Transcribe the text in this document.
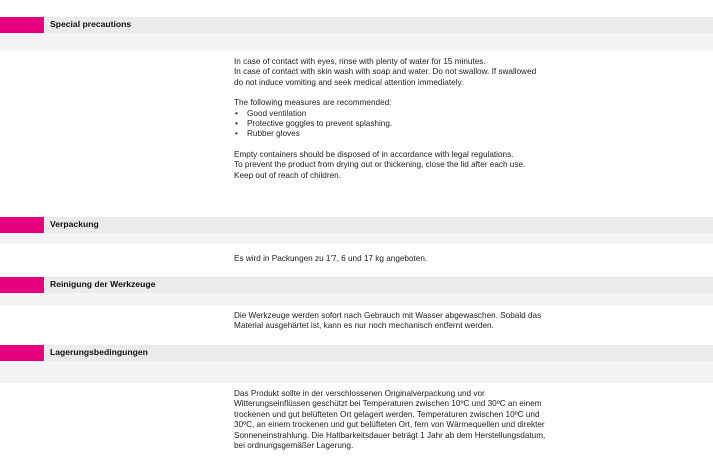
Special precautions

In case of contact with eyes, rinse with plenty of water for 15 minutes.

In case of contact with skin wash with soap and water. Do not swallow. If swallowed

do not induce vomiting and seek medical attention immediately.

The following measures are recommended:

• Good ventilation
• Protective goggles to prevent splashing.
• Rubber gloves

Empty containers should be disposed of in accordance with legal regulations.

To prevent the product from drying out or thickening, close the lid after each use.

Keep out of reach of children.

Verpackung

Es wird in Packungen zu 1'7, 6 und 17 kg angeboten.

Reinigung der Werkzeuge

Die Werkzeuge werden sofort nach Gebrauch mit Wasser abgewaschen. Sobald das

Material ausgehärtet ist, kann es nur noch mechanisch entfernt werden.

Lagerungsbedingungen

Das Produkt sollte in der verschlossenen Originalverpackung und vor

Witterungseinflüssen geschützt bei Temperaturen zwischen 10ºC und 30ºC an einem

trockenen und gut belüfteten Ort gelagert werden. Temperaturen zwischen 10ºC und

30ºC, an einem trockenen und gut belüfteten Ort, fern von Wärmequellen und direkter

Sonneneinstrahlung. Die Haltbarkeitsdauer beträgt 1 Jahr ab dem Herstellungsdatum,

bei ordnungsgemäßer Lagerung.
